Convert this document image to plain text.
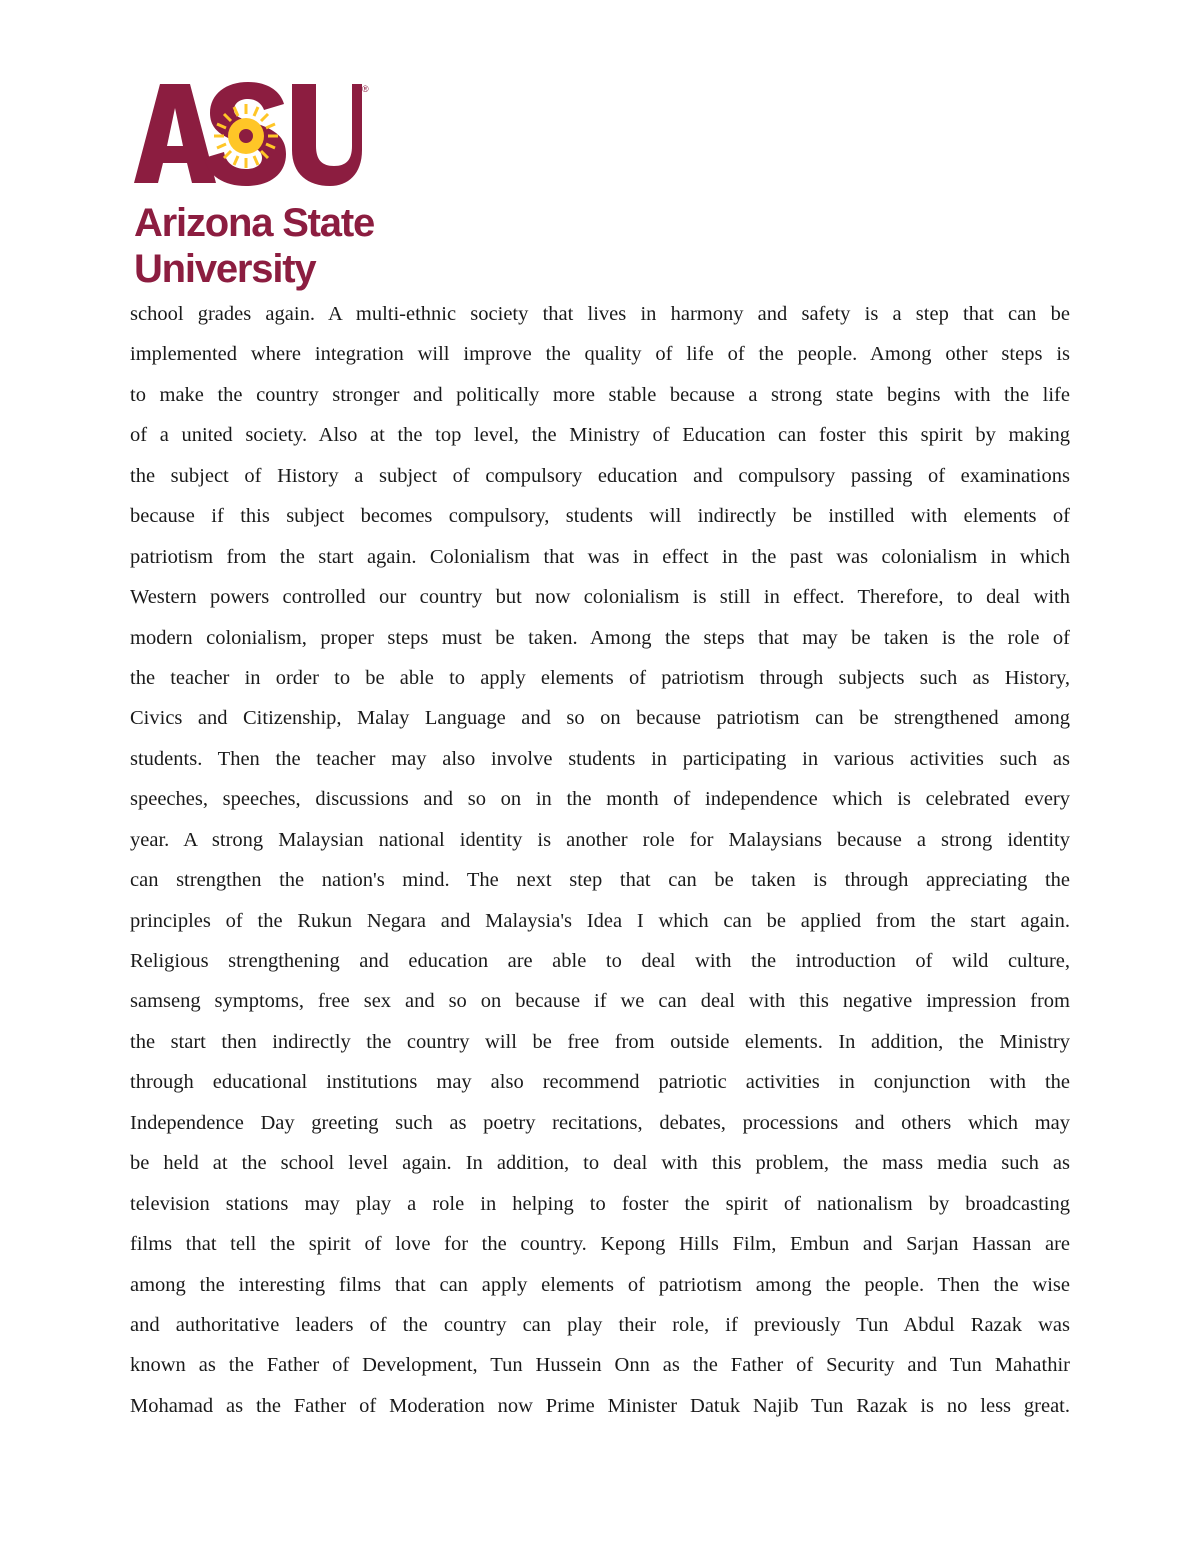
®
Arizona State
University
school grades again. A multi-ethnic society that lives in harmony and safety is a step that can be
implemented where integration will improve the quality of life of the people. Among other steps is
to make the country stronger and politically more stable because a strong state begins with the life
of a united society. Also at the top level, the Ministry of Education can foster this spirit by making
the subject of History a subject of compulsory education and compulsory passing of examinations
because if this subject becomes compulsory, students will indirectly be instilled with elements of
patriotism from the start again. Colonialism that was in effect in the past was colonialism in which
Western powers controlled our country but now colonialism is still in effect. Therefore, to deal with
modern colonialism, proper steps must be taken. Among the steps that may be taken is the role of
the teacher in order to be able to apply elements of patriotism through subjects such as History,
Civics and Citizenship, Malay Language and so on because patriotism can be strengthened among
students. Then the teacher may also involve students in participating in various activities such as
speeches, speeches, discussions and so on in the month of independence which is celebrated every
year. A strong Malaysian national identity is another role for Malaysians because a strong identity
can strengthen the nation's mind. The next step that can be taken is through appreciating the
principles of the Rukun Negara and Malaysia's Idea I which can be applied from the start again.
Religious strengthening and education are able to deal with the introduction of wild culture,
samseng symptoms, free sex and so on because if we can deal with this negative impression from
the start then indirectly the country will be free from outside elements. In addition, the Ministry
through educational institutions may also recommend patriotic activities in conjunction with the
Independence Day greeting such as poetry recitations, debates, processions and others which may
be held at the school level again. In addition, to deal with this problem, the mass media such as
television stations may play a role in helping to foster the spirit of nationalism by broadcasting
films that tell the spirit of love for the country. Kepong Hills Film, Embun and Sarjan Hassan are
among the interesting films that can apply elements of patriotism among the people. Then the wise
and authoritative leaders of the country can play their role, if previously Tun Abdul Razak was
known as the Father of Development, Tun Hussein Onn as the Father of Security and Tun Mahathir
Mohamad as the Father of Moderation now Prime Minister Datuk Najib Tun Razak is no less great.
